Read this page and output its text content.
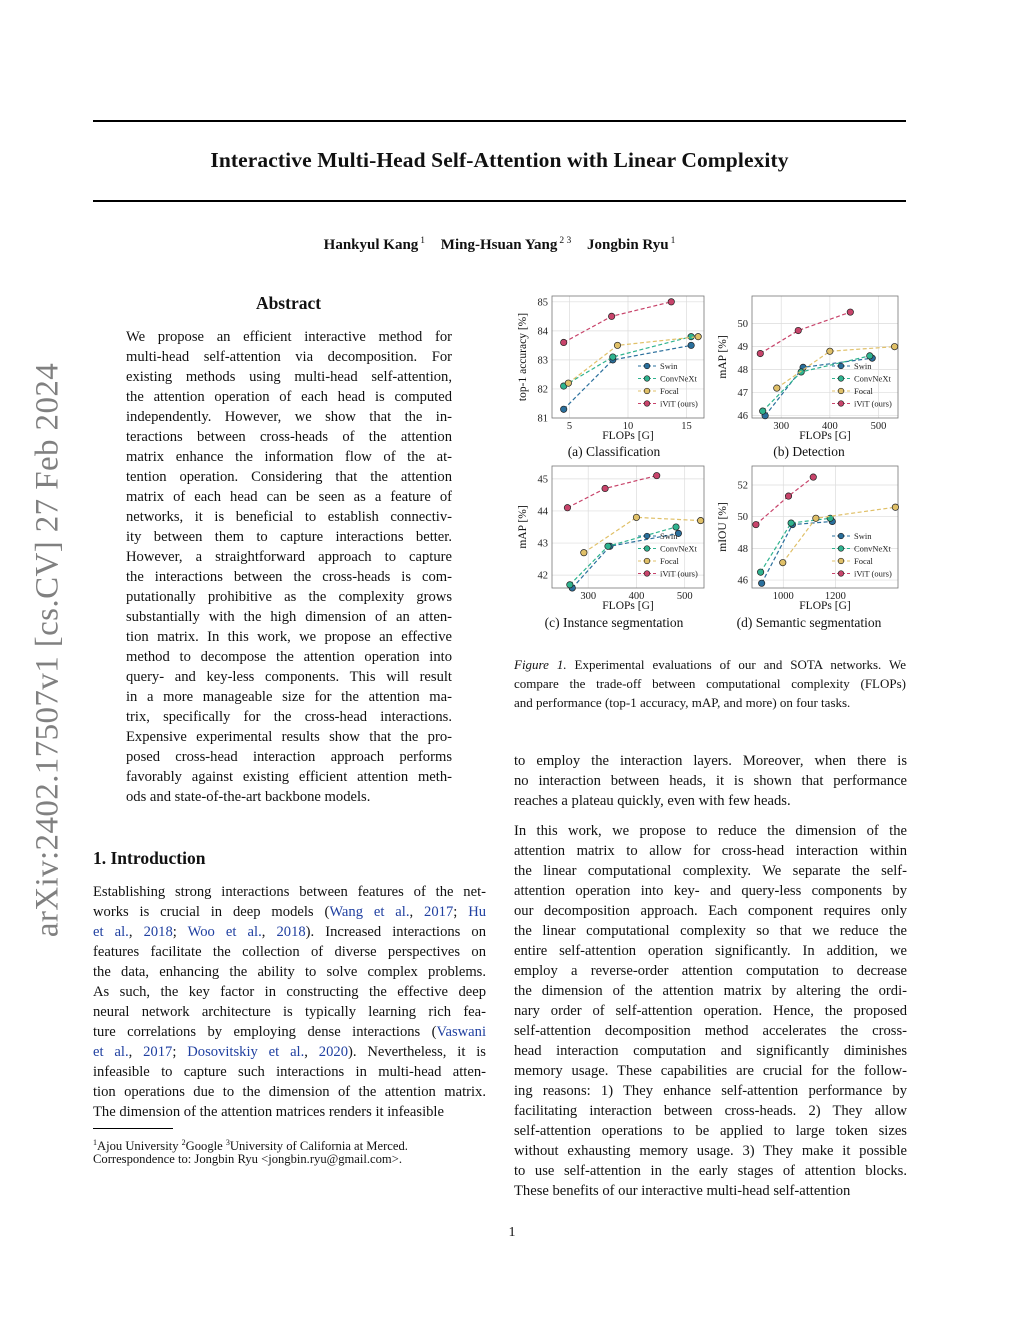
Interactive Multi-Head Self-Attention with Linear Complexity
Hankyul Kang $^1$ Ming-Hsuan Yang $^{2 3}$ Jongbin Ryu $^1$
arXiv:2402.17507v1 [cs.CV] 27 Feb 2024
Abstract
We propose an efficient interactive method for
multi-head self-attention via decomposition. For
existing methods using multi-head self-attention,
the attention operation of each head is computed
independently. However, we show that the in-
teractions between cross-heads of the attention
matrix enhance the information flow of the at-
tention operation. Considering that the attention
matrix of each head can be seen as a feature of
networks, it is beneficial to establish connectiv-
ity between them to capture interactions better.
However, a straightforward approach to capture
the interactions between the cross-heads is com-
putationally prohibitive as the complexity grows
substantially with the high dimension of an atten-
tion matrix. In this work, we propose an effective
method to decompose the attention operation into
query- and key-less components. This will result
in a more manageable size for the attention ma-
trix, specifically for the cross-head interactions.
Expensive experimental results show that the pro-
posed cross-head interaction approach performs
favorably against existing efficient attention meth-
ods and state-of-the-art backbone models.
1. Introduction
Establishing strong interactions between features of the net-
works is crucial in deep models (Wang et al., 2017; Hu
et al., 2018; Woo et al., 2018). Increased interactions on
features facilitate the collection of diverse perspectives on
the data, enhancing the ability to solve complex problems.
As such, the key factor in constructing the effective deep
neural network architecture is typically learning rich fea-
ture correlations by employing dense interactions (Vaswani
et al., 2017; Dosovitskiy et al., 2020). Nevertheless, it is
infeasible to capture such interactions in multi-head atten-
tion operations due to the dimension of the attention matrix.
The dimension of the attention matrices renders it infeasible
$^1$Ajou University $^2$Google $^3$University of California at Merced.
Correspondence to: Jongbin Ryu <jongbin.ryu@gmail.com>.
5	10	15
81
82
83
84
85
FLOPs [G]
top-1 accuracy [%]	Swin
ConvNeXt
Focal
iViT (ours)
300	400	500
46
47
48
49
50
FLOPs [G]
mAP [%]	Swin
ConvNeXt
Focal
iViT (ours)
300	400	500
42
43
44
45
FLOPs [G]
mAP [%]	Swin
ConvNeXt
Focal
iViT (ours)
1000	1200
46
48
50
52
FLOPs [G]
mIOU [%]	Swin
ConvNeXt
Focal
iViT (ours)
(a) Classification	(b) Detection
(c) Instance segmentation	(d) Semantic segmentation
Figure 1. Experimental evaluations of our and SOTA networks. We
compare the trade-off between computational complexity (FLOPs)
and performance (top-1 accuracy, mAP, and more) on four tasks.
to employ the interaction layers. Moreover, when there is
no interaction between heads, it is shown that performance
reaches a plateau quickly, even with few heads.
In this work, we propose to reduce the dimension of the
attention matrix to allow for cross-head interaction within
the linear computational complexity. We separate the self-
attention operation into key- and query-less components by
our decomposition approach. Each component requires only
the linear computational complexity so that we reduce the
entire self-attention operation significantly. In addition, we
employ a reverse-order attention computation to decrease
the dimension of the attention matrix by altering the ordi-
nary order of self-attention operation. Hence, the proposed
self-attention decomposition method accelerates the cross-
head interaction computation and significantly diminishes
memory usage. These capabilities are crucial for the follow-
ing reasons: 1) They enhance self-attention performance by
facilitating interaction between cross-heads. 2) They allow
self-attention operations to be applied to large token sizes
without exhausting memory usage. 3) They make it possible
to use self-attention in the early stages of attention blocks.
These benefits of our interactive multi-head self-attention
1
